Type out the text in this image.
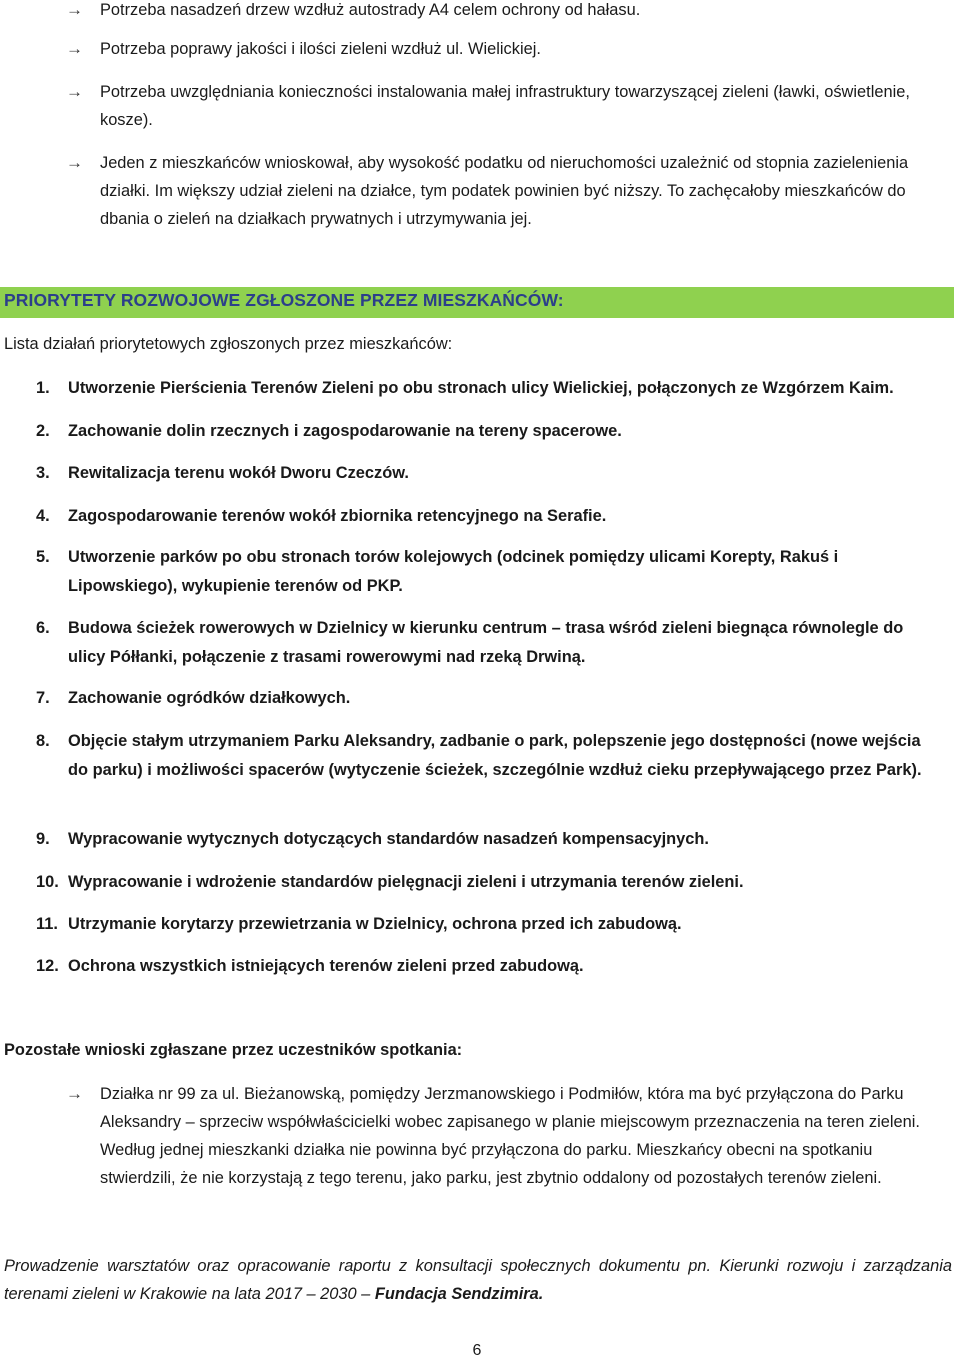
→	Potrzeba nasadzeń drzew wzdłuż autostrady A4 celem ochrony od hałasu.
→	Potrzeba poprawy jakości i ilości zieleni wzdłuż ul. Wielickiej.
→	Potrzeba uwzględniania konieczności instalowania małej infrastruktury towarzyszącej zieleni (ławki, oświetlenie, kosze).
→	Jeden z mieszkańców wnioskował, aby wysokość podatku od nieruchomości uzależnić od stopnia zazielenienia działki. Im większy udział zieleni na działce, tym podatek powinien być niższy. To zachęcałoby mieszkańców do dbania o zieleń na działkach prywatnych i utrzymywania jej.
PRIORYTETY ROZWOJOWE ZGŁOSZONE PRZEZ MIESZKAŃCÓW:
Lista działań priorytetowych zgłoszonych przez mieszkańców:
1. Utworzenie Pierścienia Terenów Zieleni po obu stronach ulicy Wielickiej, połączonych ze Wzgórzem Kaim.
2. Zachowanie dolin rzecznych i zagospodarowanie na tereny spacerowe.
3. Rewitalizacja terenu wokół Dworu Czeczów.
4. Zagospodarowanie terenów wokół zbiornika retencyjnego na Serafie.
5. Utworzenie parków po obu stronach torów kolejowych (odcinek pomiędzy ulicami Korepty, Rakuś i Lipowskiego), wykupienie terenów od PKP.
6. Budowa ścieżek rowerowych w Dzielnicy w kierunku centrum – trasa wśród zieleni biegnąca równolegle do ulicy Półłanki, połączenie z trasami rowerowymi nad rzeką Drwiną.
7. Zachowanie ogródków działkowych.
8. Objęcie stałym utrzymaniem Parku Aleksandry, zadbanie o park, polepszenie jego dostępności (nowe wejścia do parku) i możliwości spacerów (wytyczenie ścieżek, szczególnie wzdłuż cieku przepływającego przez Park).
9. Wypracowanie wytycznych dotyczących standardów nasadzeń kompensacyjnych.
10. Wypracowanie i wdrożenie standardów pielęgnacji zieleni i utrzymania terenów zieleni.
11. Utrzymanie korytarzy przewietrzania w Dzielnicy, ochrona przed ich zabudową.
12. Ochrona wszystkich istniejących terenów zieleni przed zabudową.
Pozostałe wnioski zgłaszane przez uczestników spotkania:
→	Działka nr 99 za ul. Bieżanowską, pomiędzy Jerzmanowskiego i Podmiłów, która ma być przyłączona do Parku Aleksandry – sprzeciw współwłaścicielki wobec zapisanego w planie miejscowym przeznaczenia na teren zieleni. Według jednej mieszkanki działka nie powinna być przyłączona do parku. Mieszkańcy obecni na spotkaniu stwierdzili, że nie korzystają z tego terenu, jako parku, jest zbytnio oddalony od pozostałych terenów zieleni.
Prowadzenie warsztatów oraz opracowanie raportu z konsultacji społecznych dokumentu pn. Kierunki rozwoju i zarządzania terenami zieleni w Krakowie na lata 2017 – 2030 – Fundacja Sendzimira.
6
